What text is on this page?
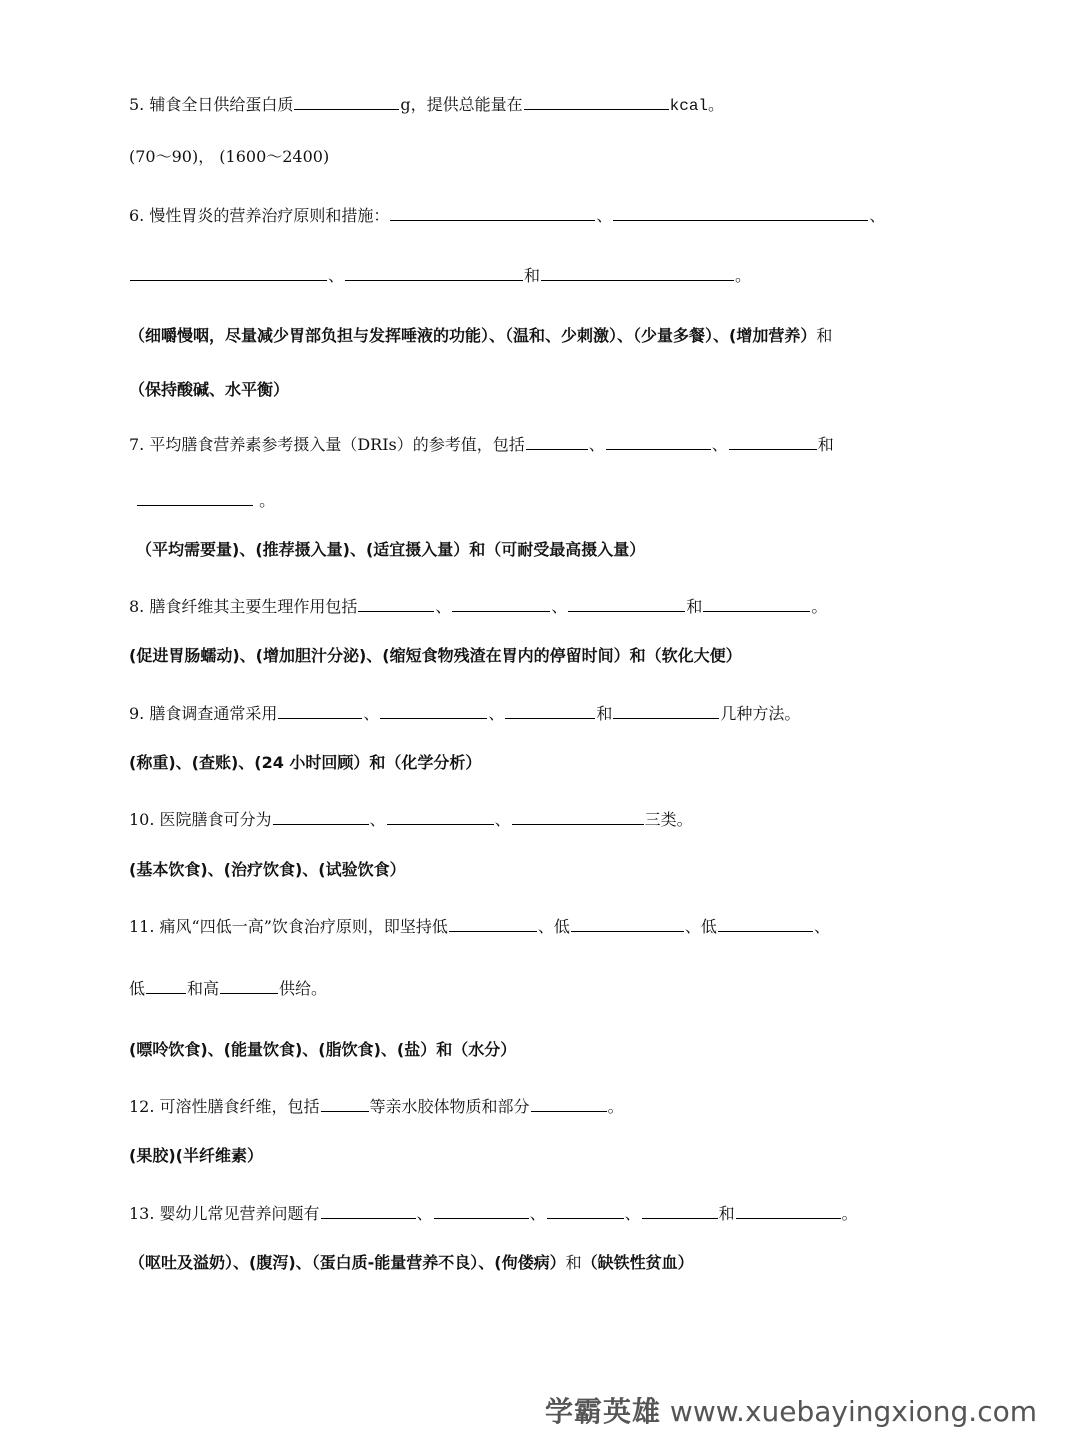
5. 辅食全日供给蛋白质	g，提供总能量在	kcal。
(70～90)， (1600～2400)
6. 慢性胃炎的营养治疗原则和措施：	、	、
、	和	。
（细嚼慢咽，尽量减少胃部负担与发挥唾液的功能）、（温和、少刺激）、（少量多餐）、(增加营养）和
（保持酸碱、水平衡）
7. 平均膳食营养素参考摄入量（DRIs）的参考值，包括	、	、	和
。
（平均需要量)、(推荐摄入量)、(适宜摄入量）和（可耐受最高摄入量）
8. 膳食纤维其主要生理作用包括	、	、	和	。
(促进胃肠蠕动)、(增加胆汁分泌)、(缩短食物残渣在胃内的停留时间）和（软化大便）
9. 膳食调查通常采用	、	、	和	几种方法。
(称重)、(查账)、(24 小时回顾）和（化学分析）
10. 医院膳食可分为	、	、	三类。
(基本饮食)、(治疗饮食)、(试验饮食）
11. 痛风“四低一高”饮食治疗原则，即坚持低	、低	、低	、
低	和高	供给。
(嘌呤饮食)、(能量饮食)、(脂饮食)、(盐）和（水分）
12. 可溶性膳食纤维，包括	等亲水胶体物质和部分	。
(果胶)(半纤维素）
13. 婴幼儿常见营养问题有	、	、	、	和	。
（呕吐及溢奶）、(腹泻)、（蛋白质-能量营养不良）、(佝偻病）和（缺铁性贫血）
学霸英雄 www.xuebayingxiong.com
